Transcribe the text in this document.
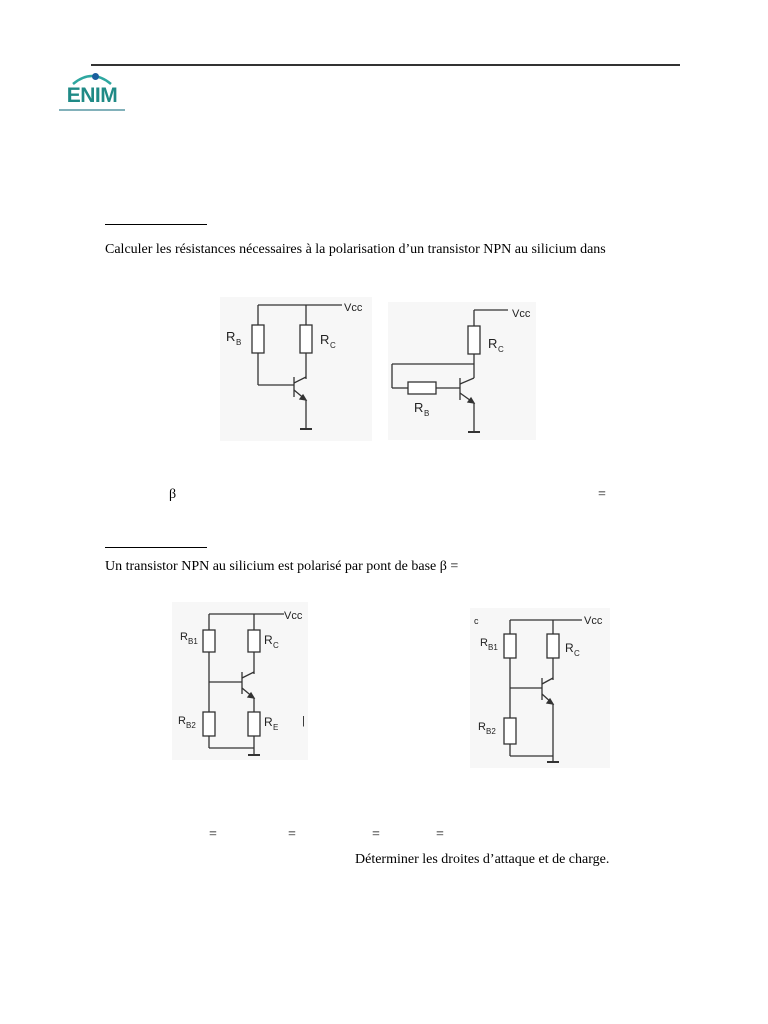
ENIM
Calculer les résistances nécessaires à la polarisation d’un transistor NPN au silicium dans
Vcc
R B	R C
Vcc
R C
R B
β	=
Un transistor NPN au silicium est polarisé par pont de base β =
Vcc
R B1	R C
R B2	R E
|
c	Vcc
R B1	R C
R B2
=	=	=	=
Déterminer les droites d’attaque et de charge.
